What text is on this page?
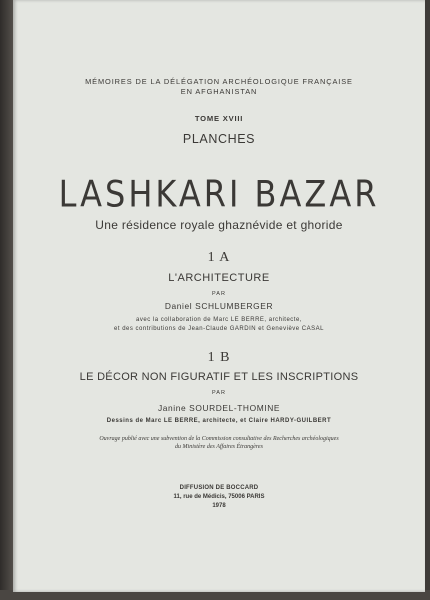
MÉMOIRES DE LA DÉLÉGATION ARCHÉOLOGIQUE FRANÇAISE
EN AFGHANISTAN
TOME XVIII
PLANCHES
LASHKARI BAZAR
Une résidence royale ghaznévide et ghoride
1 A
L'ARCHITECTURE
PAR
Daniel SCHLUMBERGER
avec la collaboration de Marc LE BERRE, architecte,
et des contributions de Jean-Claude GARDIN et Geneviève CASAL
1 B
LE DÉCOR NON FIGURATIF ET LES INSCRIPTIONS
PAR
Janine SOURDEL-THOMINE
Dessins de Marc LE BERRE, architecte, et Claire HARDY-GUILBERT
Ouvrage publié avec une subvention de la Commission consultative des Recherches archéologiques
du Ministère des Affaires Étrangères
DIFFUSION DE BOCCARD
11, rue de Médicis, 75006 PARIS
1978
